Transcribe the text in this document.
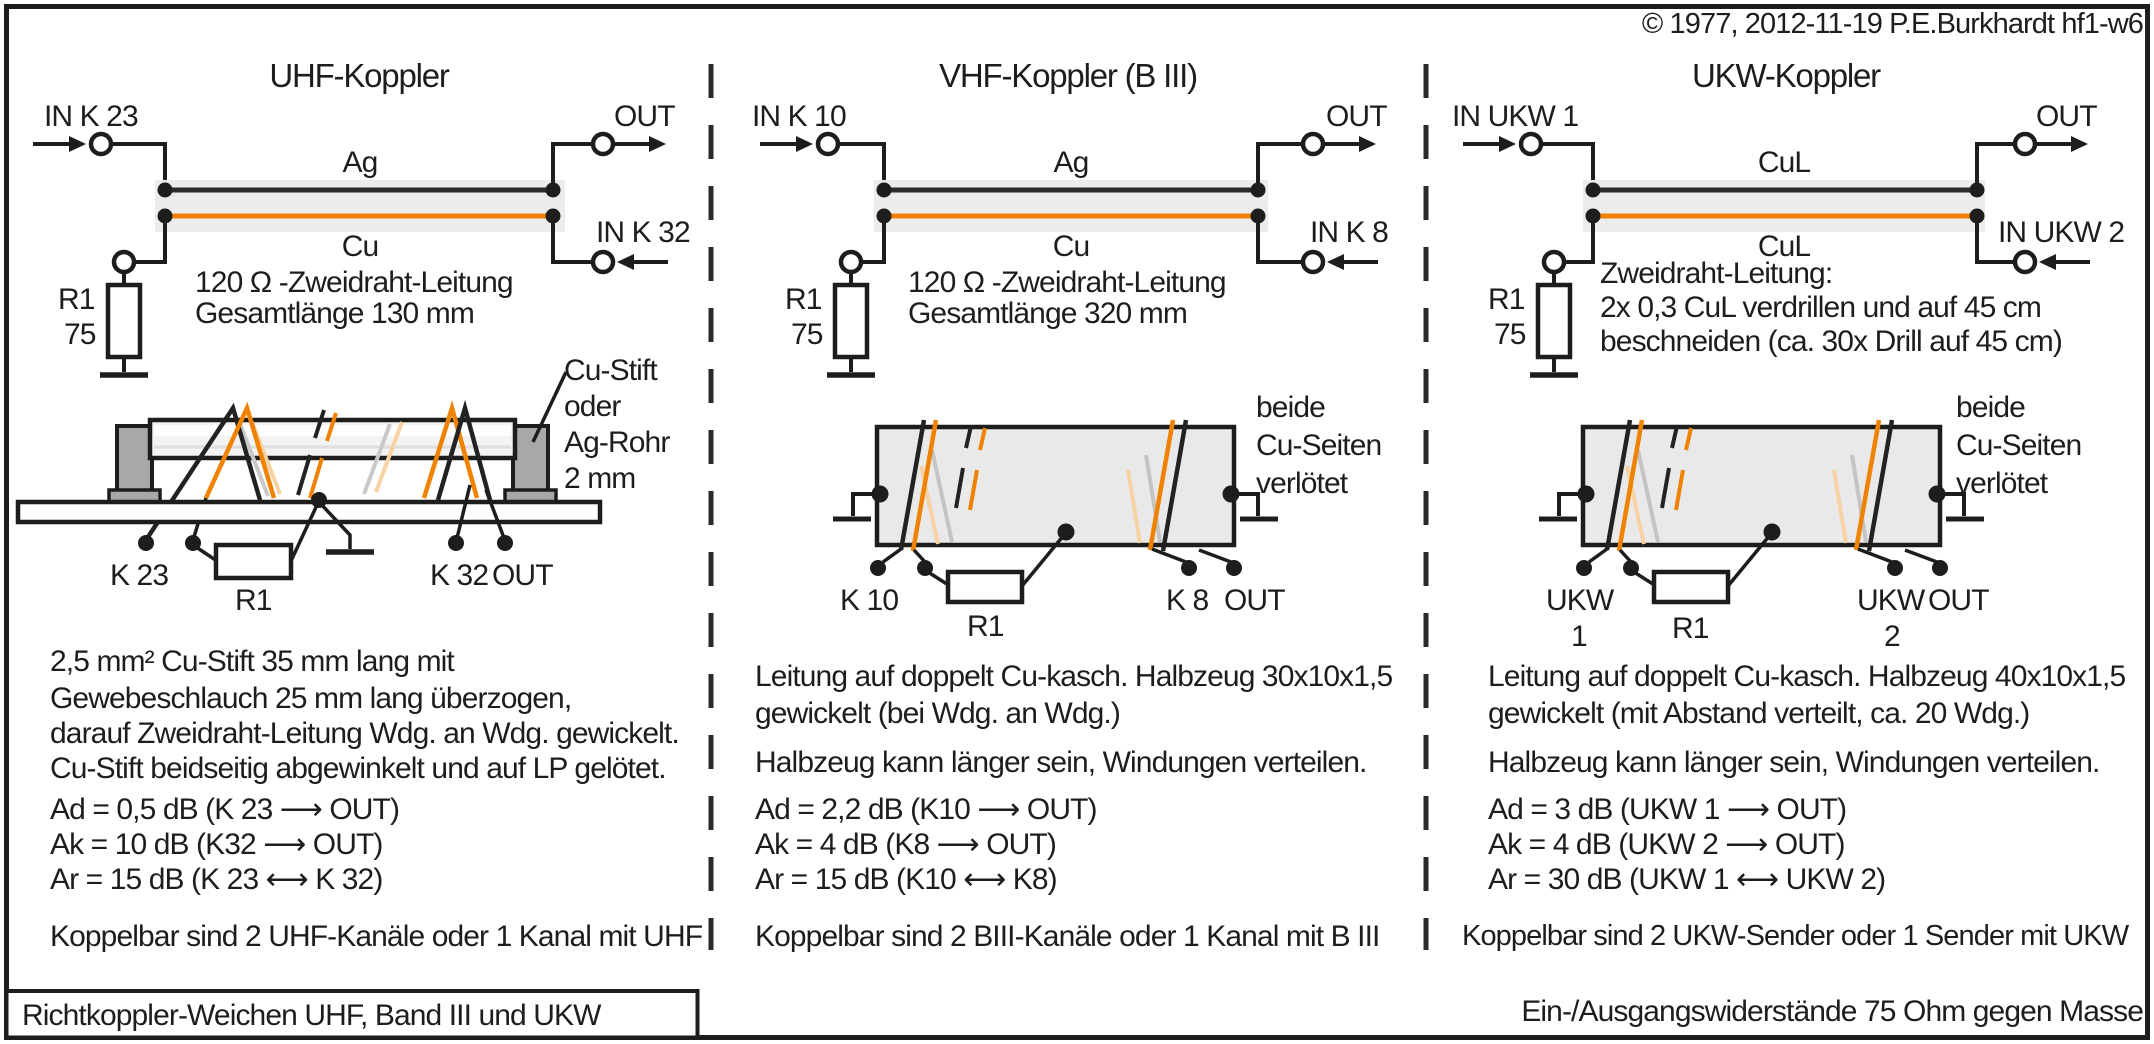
© 1977, 2012-11-19 P.E.Burkhardt hf1-w6
UHF-Koppler
IN K 23	OUT
Ag
Cu	IN K 32
R1
75
120 Ω -Zweidraht-Leitung
Gesamtlänge 130 mm
Cu-Stift
oder
Ag-Rohr
2 mm
K 23
R1
K 32 OUT
2,5 mm² Cu-Stift 35 mm lang mit
Gewebeschlauch 25 mm lang überzogen,
darauf Zweidraht-Leitung Wdg. an Wdg. gewickelt.
Cu-Stift beidseitig abgewinkelt und auf LP gelötet.
Ad = 0,5 dB (K 23 ⟶ OUT)
Ak = 10 dB (K32 ⟶ OUT)
Ar = 15 dB (K 23 ⟷ K 32)
Koppelbar sind 2 UHF-Kanäle oder 1 Kanal mit UHF
VHF-Koppler (B III)
IN K 10	OUT
Ag
Cu	IN K 8
R1
75
120 Ω -Zweidraht-Leitung
Gesamtlänge 320 mm
beide
Cu-Seiten
verlötet
K 10
R1
K 8 OUT
Leitung auf doppelt Cu-kasch. Halbzeug 30x10x1,5
gewickelt (bei Wdg. an Wdg.)
Halbzeug kann länger sein, Windungen verteilen.
Ad = 2,2 dB (K10 ⟶ OUT)
Ak = 4 dB (K8 ⟶ OUT)
Ar = 15 dB (K10 ⟷ K8)
Koppelbar sind 2 BIII-Kanäle oder 1 Kanal mit B III
UKW-Koppler
IN UKW 1	OUT
CuL
CuL	IN UKW 2
R1
75
Zweidraht-Leitung:
2x 0,3 CuL verdrillen und auf 45 cm
beschneiden (ca. 30x Drill auf 45 cm)
beide
Cu-Seiten
verlötet
UKW
1	R1
UKW
2
OUT
Leitung auf doppelt Cu-kasch. Halbzeug 40x10x1,5
gewickelt (mit Abstand verteilt, ca. 20 Wdg.)
Halbzeug kann länger sein, Windungen verteilen.
Ad = 3 dB (UKW 1 ⟶ OUT)
Ak = 4 dB (UKW 2 ⟶ OUT)
Ar = 30 dB (UKW 1 ⟷ UKW 2)
Koppelbar sind 2 UKW-Sender oder 1 Sender mit UKW
Richtkoppler-Weichen UHF, Band III und UKW	Ein-/Ausgangswiderstände 75 Ohm gegen Masse
